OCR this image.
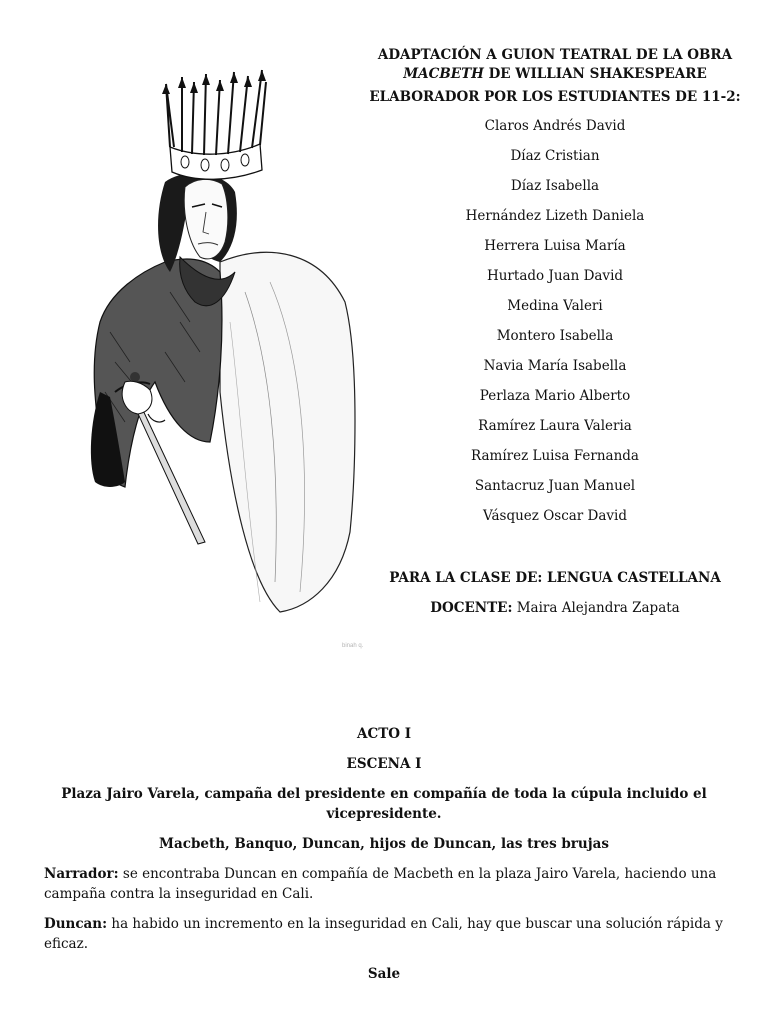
binah q.
ADAPTACIÓN A GUION TEATRAL DE LA OBRA
MACBETH DE WILLIAN SHAKESPEARE
ELABORADOR POR LOS ESTUDIANTES DE 11-2:
Claros Andrés David
Díaz Cristian
Díaz Isabella
Hernández Lizeth Daniela
Herrera Luisa María
Hurtado Juan David
Medina Valeri
Montero Isabella
Navia María Isabella
Perlaza Mario Alberto
Ramírez Laura Valeria
Ramírez Luisa Fernanda
Santacruz Juan Manuel
Vásquez Oscar David
PARA LA CLASE DE: LENGUA CASTELLANA
DOCENTE: Maira Alejandra Zapata
ACTO I
ESCENA I
Plaza Jairo Varela, campaña del presidente en compañía de toda la cúpula incluido el vicepresidente.
Macbeth, Banquo, Duncan, hijos de Duncan, las tres brujas
Narrador: se encontraba Duncan en compañía de Macbeth en la plaza Jairo Varela, haciendo una campaña contra la inseguridad en Cali.
Duncan: ha habido un incremento en la inseguridad en Cali, hay que buscar una solución rápida y eficaz.
Sale
